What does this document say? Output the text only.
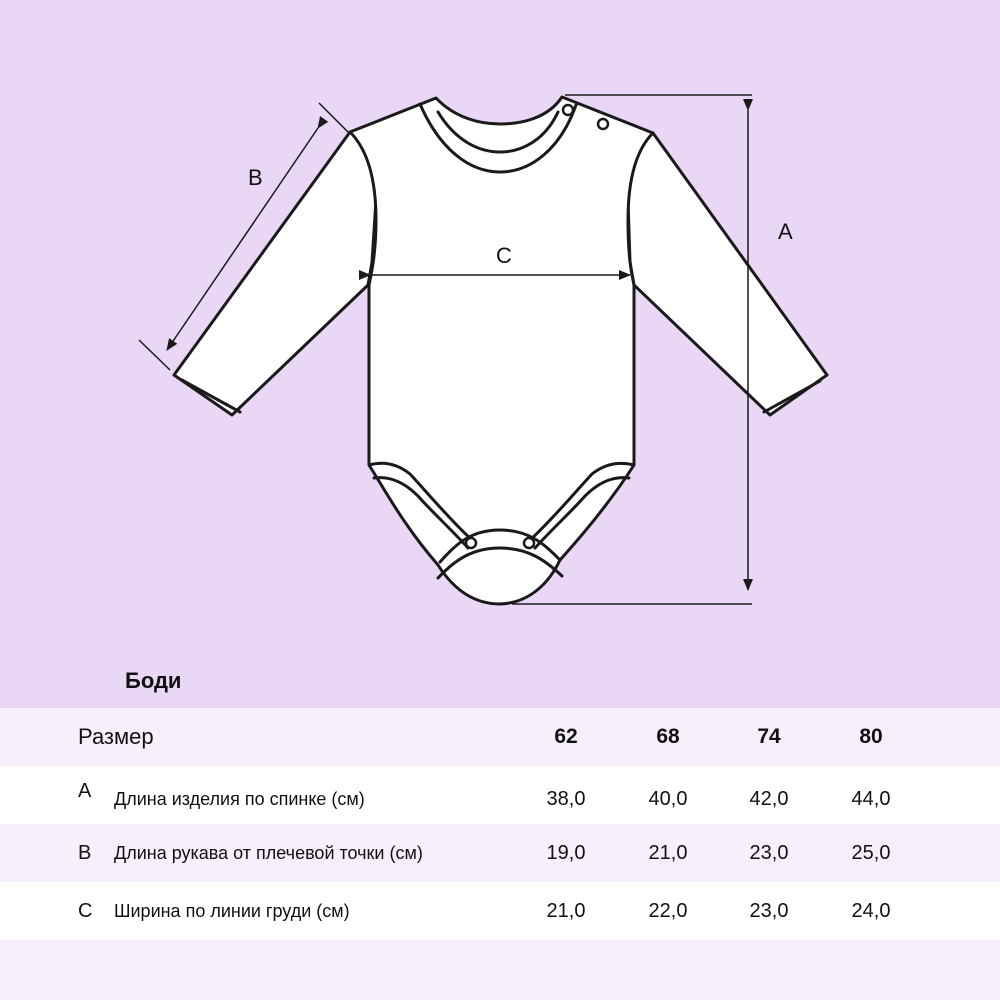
A
B
C
Боди
Размер	62	68	74	80
A Длина изделия по спинке (см)	38,0	40,0	42,0	44,0
B Длина рукава от плечевой точки (см)	19,0	21,0	23,0	25,0
C Ширина по линии груди (см)	21,0	22,0	23,0	24,0
